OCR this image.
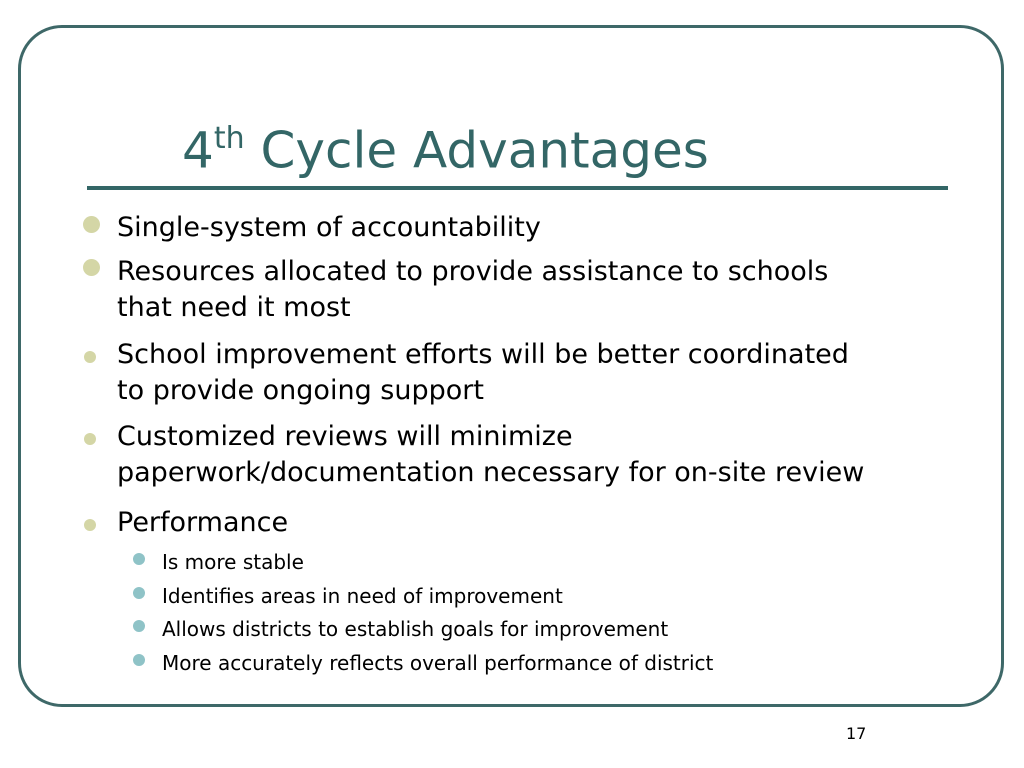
4th Cycle Advantages
Single-system of accountability
Resources allocated to provide assistance to schools
that need it most
School improvement efforts will be better coordinated
to provide ongoing support
Customized reviews will minimize
paperwork/documentation necessary for on-site review
Performance
Is more stable
Identifies areas in need of improvement
Allows districts to establish goals for improvement
More accurately reflects overall performance of district
17
